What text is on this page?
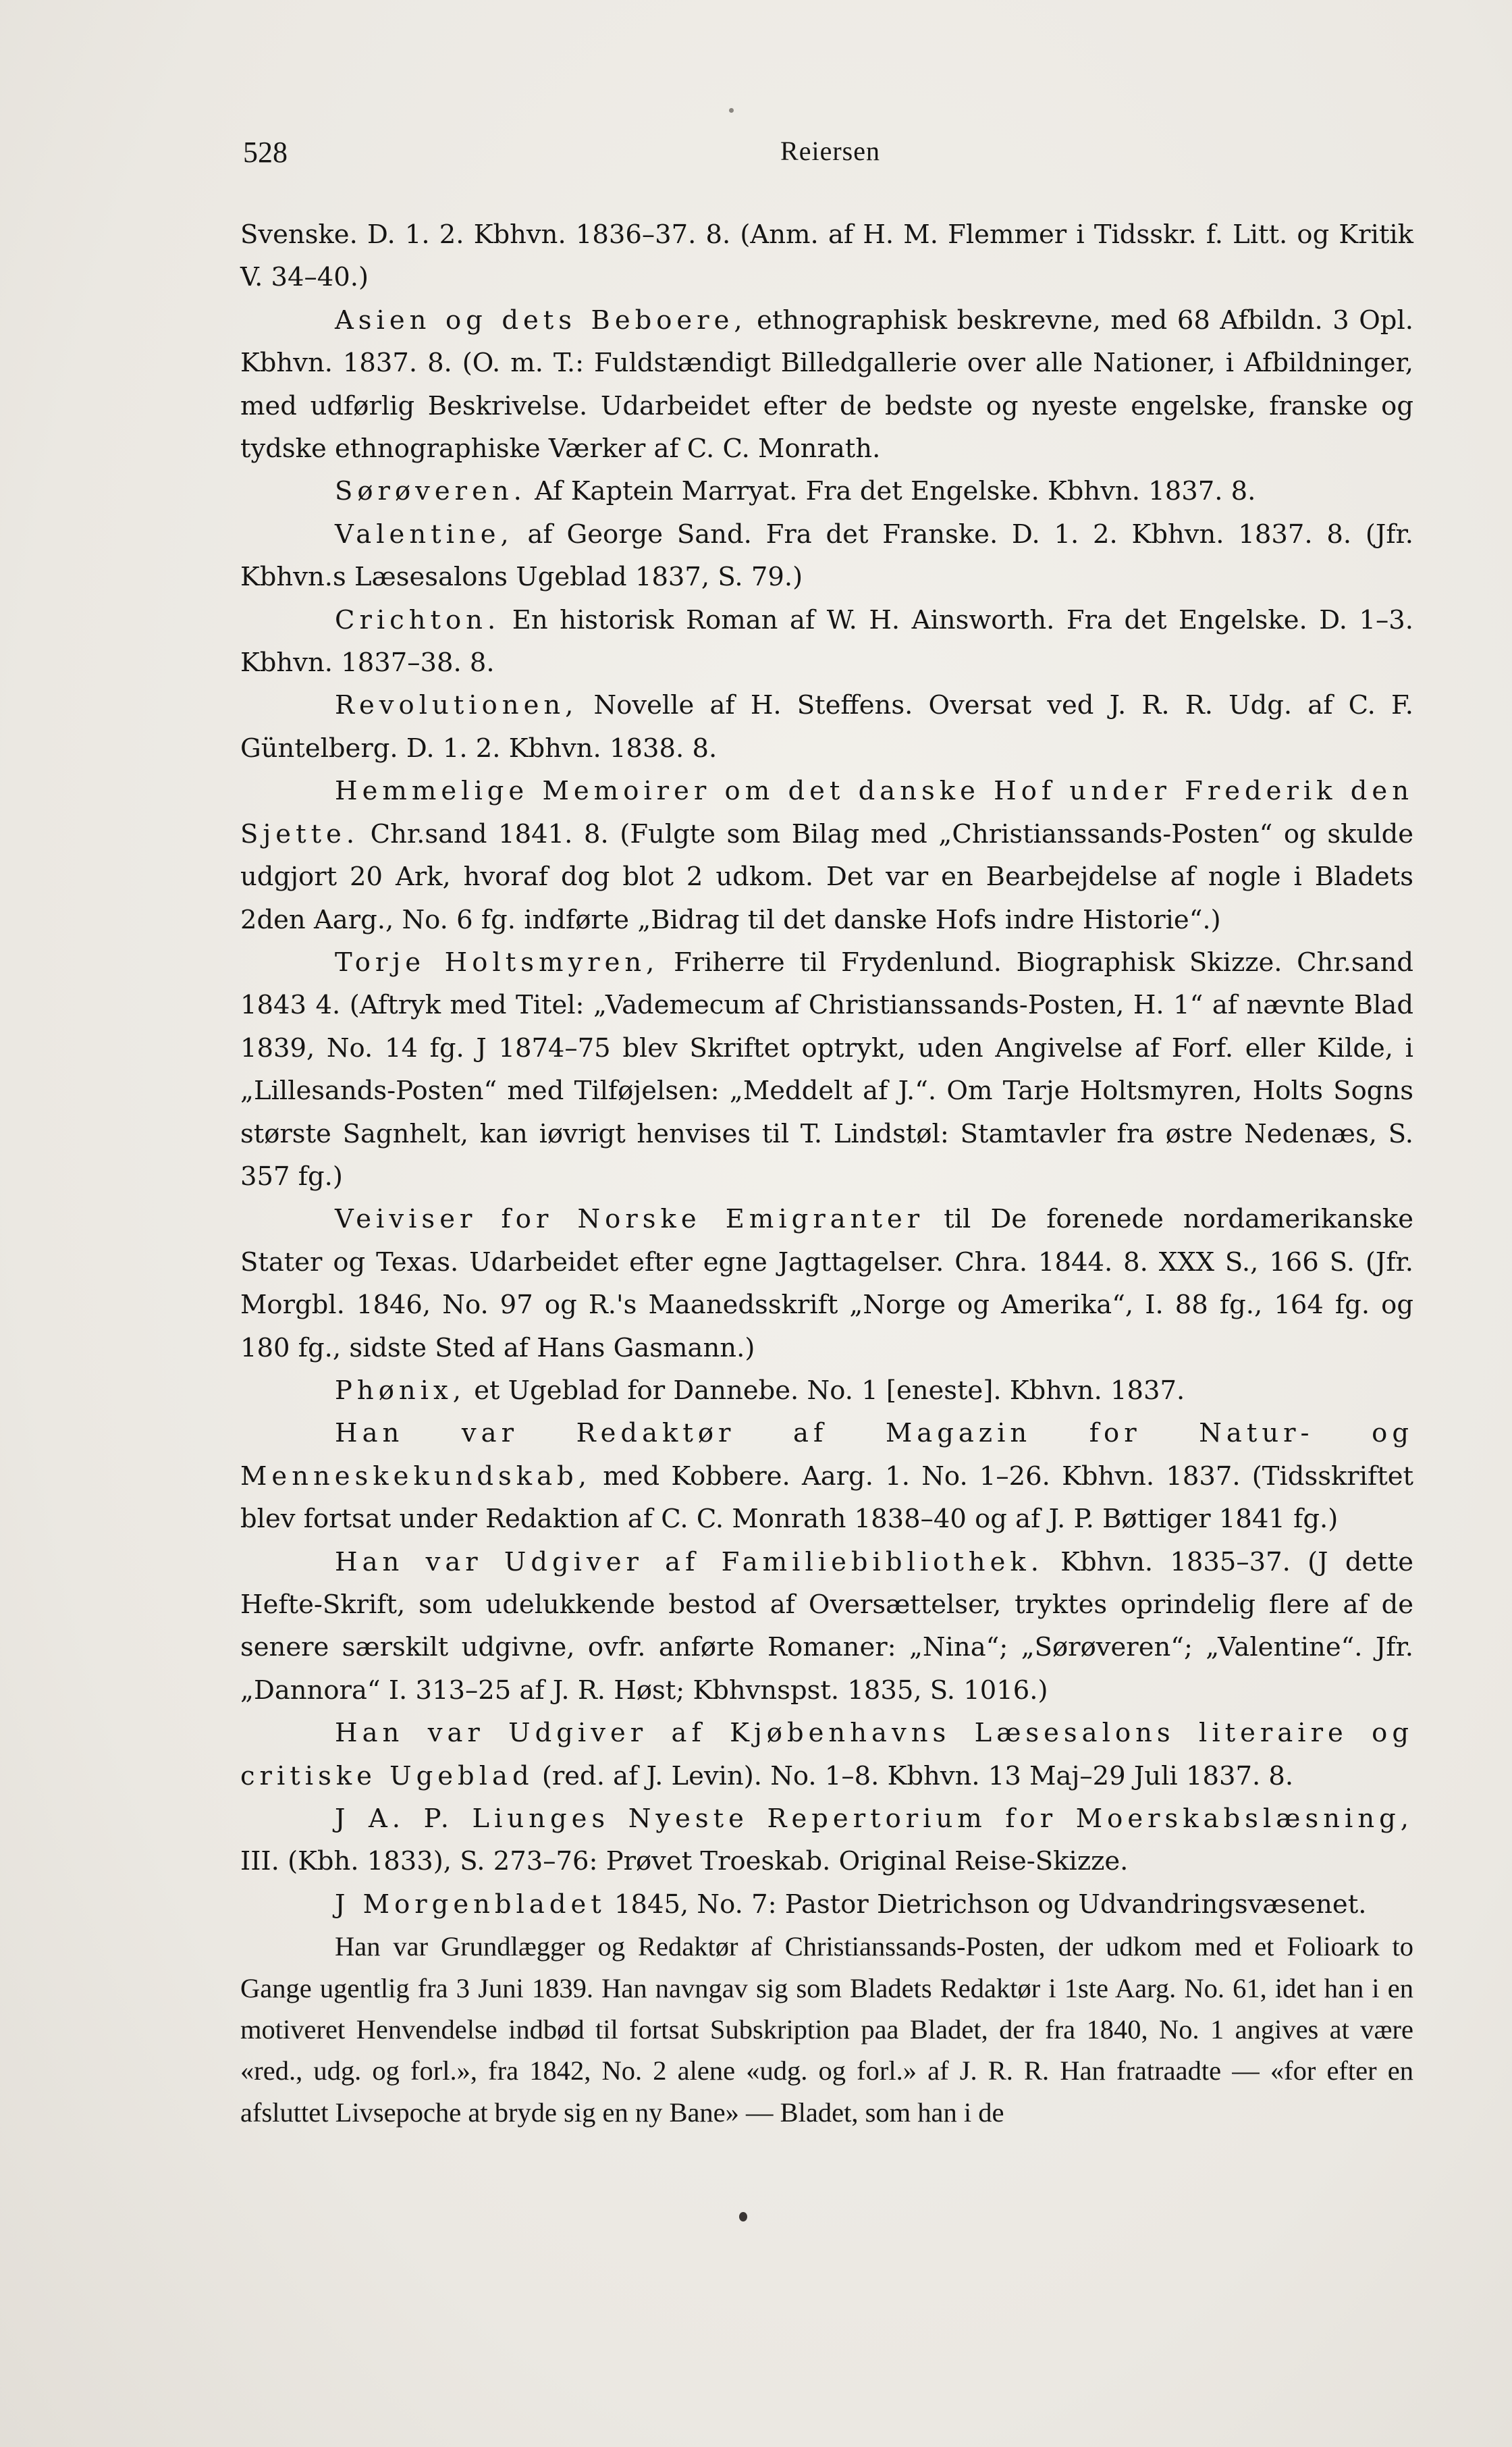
528	Reiersen

Svenske. D. 1. 2. Kbhvn. 1836–37. 8. (Anm. af H. M. Flemmer i Tidsskr. f. Litt. og Kritik V. 34–40.)

Asien og dets Beboere, ethnographisk beskrevne, med 68 Afbildn. 3 Opl. Kbhvn. 1837. 8. (O. m. T.: Fuldstændigt Billedgallerie over alle Nationer, i Afbildninger, med udførlig Beskrivelse. Udarbeidet efter de bedste og nyeste engelske, franske og tydske ethnographiske Værker af C. C. Monrath.

Sørøveren. Af Kaptein Marryat. Fra det Engelske. Kbhvn. 1837. 8.

Valentine, af George Sand. Fra det Franske. D. 1. 2. Kbhvn. 1837. 8. (Jfr. Kbhvn.s Læsesalons Ugeblad 1837, S. 79.)

Crichton. En historisk Roman af W. H. Ainsworth. Fra det Engelske. D. 1–3. Kbhvn. 1837–38. 8.

Revolutionen, Novelle af H. Steffens. Oversat ved J. R. R. Udg. af C. F. Güntelberg. D. 1. 2. Kbhvn. 1838. 8.

Hemmelige Memoirer om det danske Hof under Frederik den Sjette. Chr.sand 1841. 8. (Fulgte som Bilag med „Christianssands-Posten“ og skulde udgjort 20 Ark, hvoraf dog blot 2 udkom. Det var en Bearbejdelse af nogle i Bladets 2den Aarg., No. 6 fg. indførte „Bidrag til det danske Hofs indre Historie“.)

Torje Holtsmyren, Friherre til Frydenlund. Biographisk Skizze. Chr.sand 1843 4. (Aftryk med Titel: „Vademecum af Christianssands-Posten, H. 1“ af nævnte Blad 1839, No. 14 fg. J 1874–75 blev Skriftet optrykt, uden Angivelse af Forf. eller Kilde, i „Lillesands-Posten“ med Tilføjelsen: „Meddelt af J.“. Om Tarje Holtsmyren, Holts Sogns største Sagnhelt, kan iøvrigt henvises til T. Lindstøl: Stamtavler fra østre Nedenæs, S. 357 fg.)

Veiviser for Norske Emigranter til De forenede nordamerikanske Stater og Texas. Udarbeidet efter egne Jagttagelser. Chra. 1844. 8. XXX S., 166 S. (Jfr. Morgbl. 1846, No. 97 og R.'s Maanedsskrift „Norge og Amerika“, I. 88 fg., 164 fg. og 180 fg., sidste Sted af Hans Gasmann.)

Phønix, et Ugeblad for Dannebe. No. 1 [eneste]. Kbhvn. 1837.

Han var Redaktør af Magazin for Natur- og Menneskekundskab, med Kobbere. Aarg. 1. No. 1–26. Kbhvn. 1837. (Tidsskriftet blev fortsat under Redaktion af C. C. Monrath 1838–40 og af J. P. Bøttiger 1841 fg.)

Han var Udgiver af Familiebibliothek. Kbhvn. 1835–37. (J dette Hefte-Skrift, som udelukkende bestod af Oversættelser, tryktes oprindelig flere af de senere særskilt udgivne, ovfr. anførte Romaner: „Nina“; „Sørøveren“; „Valentine“. Jfr. „Dannora“ I. 313–25 af J. R. Høst; Kbhvnspst. 1835, S. 1016.)

Han var Udgiver af Kjøbenhavns Læsesalons literaire og critiske Ugeblad (red. af J. Levin). No. 1–8. Kbhvn. 13 Maj–29 Juli 1837. 8.

J A. P. Liunges Nyeste Repertorium for Moerskabslæsning, III. (Kbh. 1833), S. 273–76: Prøvet Troeskab. Original Reise-Skizze.

J Morgenbladet 1845, No. 7: Pastor Dietrichson og Udvandringsvæsenet.

Han var Grundlægger og Redaktør af Christianssands-Posten, der udkom med et Folioark to Gange ugentlig fra 3 Juni 1839. Han navngav sig som Bladets Redaktør i 1ste Aarg. No. 61, idet han i en motiveret Henvendelse indbød til fortsat Subskription paa Bladet, der fra 1840, No. 1 angives at være «red., udg. og forl.», fra 1842, No. 2 alene «udg. og forl.» af J. R. R. Han fratraadte — «for efter en afsluttet Livsepoche at bryde sig en ny Bane» — Bladet, som han i de
